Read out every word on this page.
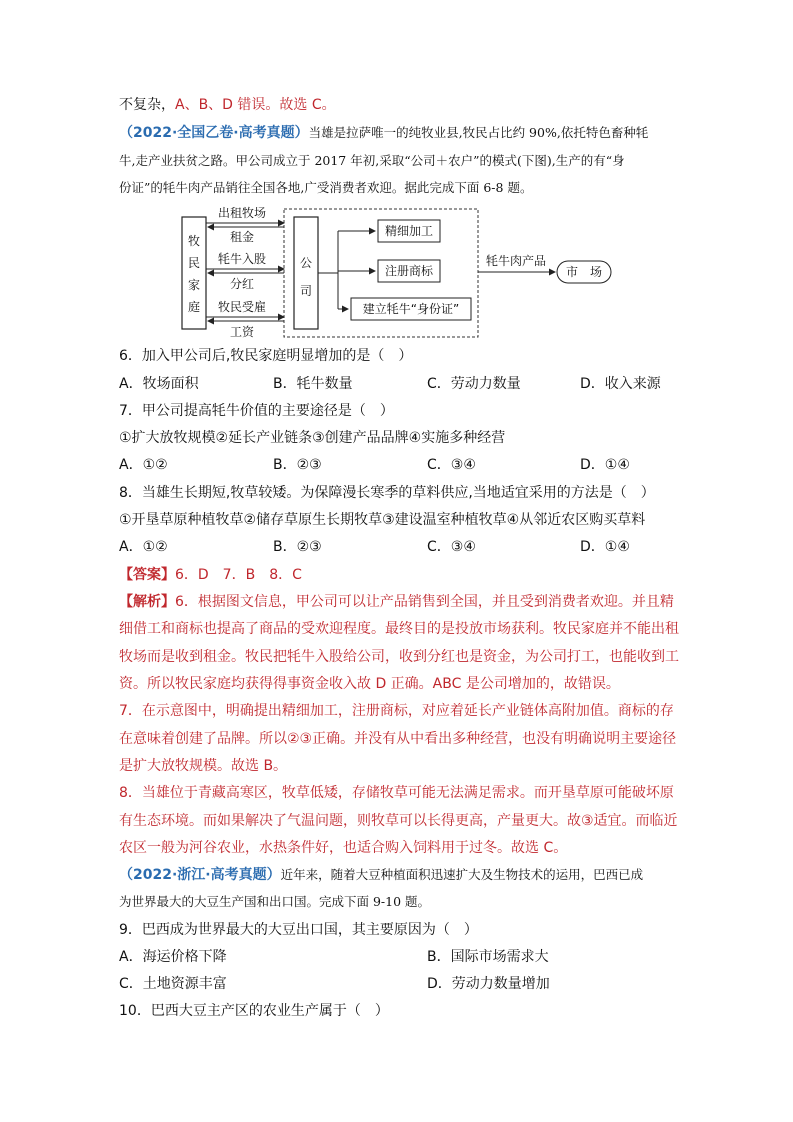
不复杂，A、B、D 错误。故选 C。
（2022·全国乙卷·高考真题）当雄是拉萨唯一的纯牧业县,牧民占比约 90%,依托特色畜种牦
牛,走产业扶贫之路。甲公司成立于 2017 年初,采取“公司＋农户”的模式(下图),生产的有“身
份证”的牦牛肉产品销往全国各地,广受消费者欢迎。据此完成下面 6-8 题。
牧
民
家
庭
公
司
出租牧场
租金
牦牛入股
分红
牧民受雇
工资
精细加工
注册商标
建立牦牛“身份证”
牦牛肉产品
市　场
6．加入甲公司后,牧民家庭明显增加的是（　）
A．牧场面积	B．牦牛数量	C．劳动力数量	D．收入来源
7．甲公司提高牦牛价值的主要途径是（　）
①扩大放牧规模②延长产业链条③创建产品品牌④实施多种经营
A．①②	B．②③	C．③④	D．①④
8．当雄生长期短,牧草较矮。为保障漫长寒季的草料供应,当地适宜采用的方法是（　）
①开垦草原种植牧草②储存草原生长期牧草③建设温室种植牧草④从邻近农区购买草料
A．①②	B．②③	C．③④	D．①④
【答案】6．D　7．B　8．C
【解析】6．根据图文信息，甲公司可以让产品销售到全国，并且受到消费者欢迎。并且精
细借工和商标也提高了商品的受欢迎程度。最终目的是投放市场获利。牧民家庭并不能出租
牧场而是收到租金。牧民把牦牛入股给公司，收到分红也是资金，为公司打工，也能收到工
资。所以牧民家庭均获得得事资金收入故 D 正确。ABC 是公司增加的，故错误。
7．在示意图中，明确提出精细加工，注册商标，对应着延长产业链体高附加值。商标的存
在意味着创建了品牌。所以②③正确。并没有从中看出多种经营，也没有明确说明主要途径
是扩大放牧规模。故选 B。
8．当雄位于青藏高寒区，牧草低矮，存储牧草可能无法满足需求。而开垦草原可能破坏原
有生态环境。而如果解决了气温问题，则牧草可以长得更高，产量更大。故③适宜。而临近
农区一般为河谷农业，水热条件好，也适合购入饲料用于过冬。故选 C。
（2022·浙江·高考真题）近年来，随着大豆种植面积迅速扩大及生物技术的运用，巴西已成
为世界最大的大豆生产国和出口国。完成下面 9-10 题。
9．巴西成为世界最大的大豆出口国，其主要原因为（　）
A．海运价格下降	B．国际市场需求大
C．土地资源丰富	D．劳动力数量增加
10．巴西大豆主产区的农业生产属于（　）
